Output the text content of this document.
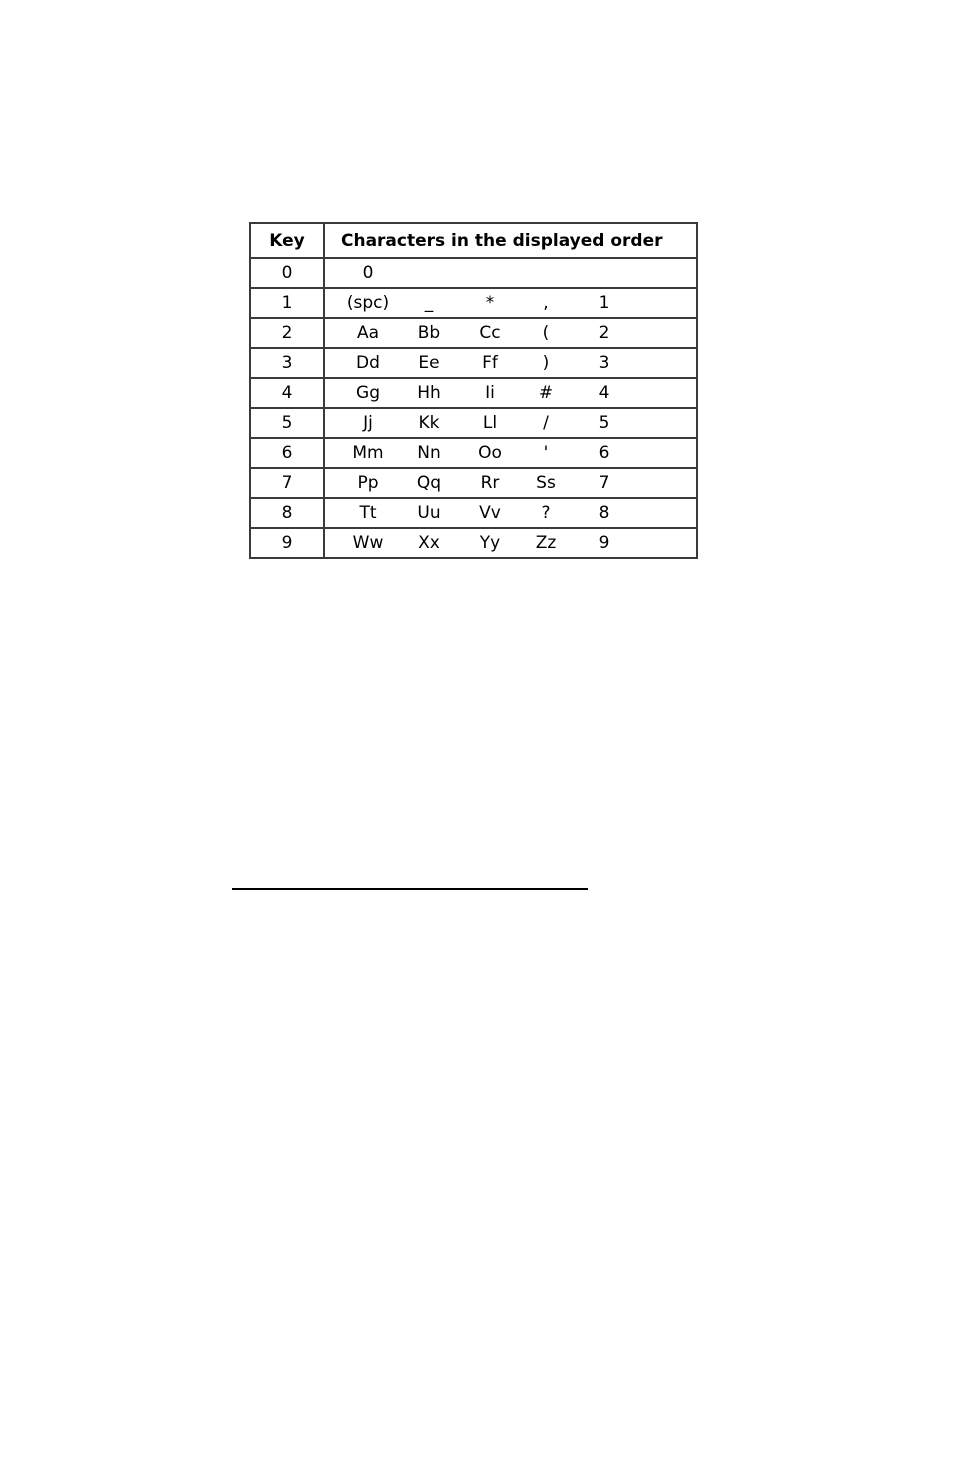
Key	Characters in the displayed order
0	0

1	(spc) _ * , 1

2	Aa Bb Cc ( 2

3	Dd Ee Ff ) 3

4	Gg Hh Ii # 4

5	Jj Kk Ll / 5

6	Mm Nn Oo ' 6

7	Pp Qq Rr Ss 7

8	Tt Uu Vv ? 8

9	Ww Xx Yy Zz 9
